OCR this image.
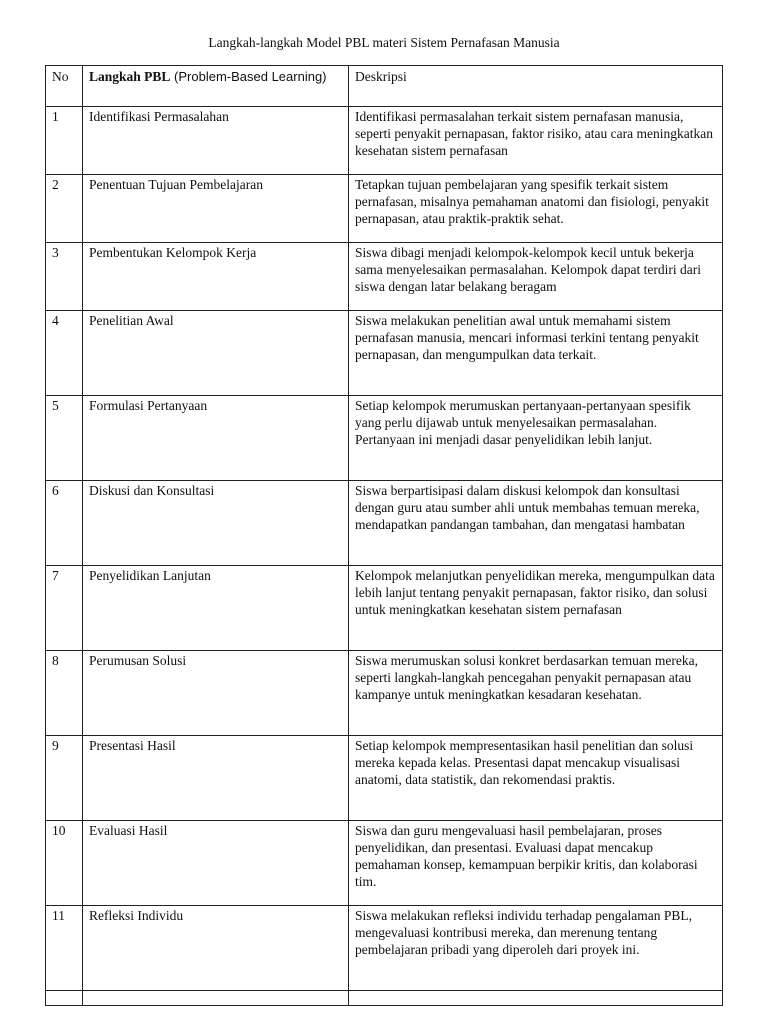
Langkah-langkah Model PBL materi Sistem Pernafasan Manusia
No	Langkah PBL (Problem-Based Learning)	Deskripsi
1	Identifikasi Permasalahan	Identifikasi permasalahan terkait sistem pernafasan manusia, seperti penyakit pernapasan, faktor risiko, atau cara meningkatkan kesehatan sistem pernafasan
2	Penentuan Tujuan Pembelajaran	Tetapkan tujuan pembelajaran yang spesifik terkait sistem pernafasan, misalnya pemahaman anatomi dan fisiologi, penyakit pernapasan, atau praktik-praktik sehat.
3	Pembentukan Kelompok Kerja	Siswa dibagi menjadi kelompok-kelompok kecil untuk bekerja sama menyelesaikan permasalahan. Kelompok dapat terdiri dari siswa dengan latar belakang beragam
4	Penelitian Awal	Siswa melakukan penelitian awal untuk memahami sistem pernafasan manusia, mencari informasi terkini tentang penyakit pernapasan, dan mengumpulkan data terkait.
5	Formulasi Pertanyaan	Setiap kelompok merumuskan pertanyaan-pertanyaan spesifik yang perlu dijawab untuk menyelesaikan permasalahan. Pertanyaan ini menjadi dasar penyelidikan lebih lanjut.
6	Diskusi dan Konsultasi	Siswa berpartisipasi dalam diskusi kelompok dan konsultasi dengan guru atau sumber ahli untuk membahas temuan mereka, mendapatkan pandangan tambahan, dan mengatasi hambatan
7	Penyelidikan Lanjutan	Kelompok melanjutkan penyelidikan mereka, mengumpulkan data lebih lanjut tentang penyakit pernapasan, faktor risiko, dan solusi untuk meningkatkan kesehatan sistem pernafasan
8	Perumusan Solusi	Siswa merumuskan solusi konkret berdasarkan temuan mereka, seperti langkah-langkah pencegahan penyakit pernapasan atau kampanye untuk meningkatkan kesadaran kesehatan.
9	Presentasi Hasil	Setiap kelompok mempresentasikan hasil penelitian dan solusi mereka kepada kelas. Presentasi dapat mencakup visualisasi anatomi, data statistik, dan rekomendasi praktis.
10	Evaluasi Hasil	Siswa dan guru mengevaluasi hasil pembelajaran, proses penyelidikan, dan presentasi. Evaluasi dapat mencakup pemahaman konsep, kemampuan berpikir kritis, dan kolaborasi tim.
11	Refleksi Individu	Siswa melakukan refleksi individu terhadap pengalaman PBL, mengevaluasi kontribusi mereka, dan merenung tentang pembelajaran pribadi yang diperoleh dari proyek ini.
